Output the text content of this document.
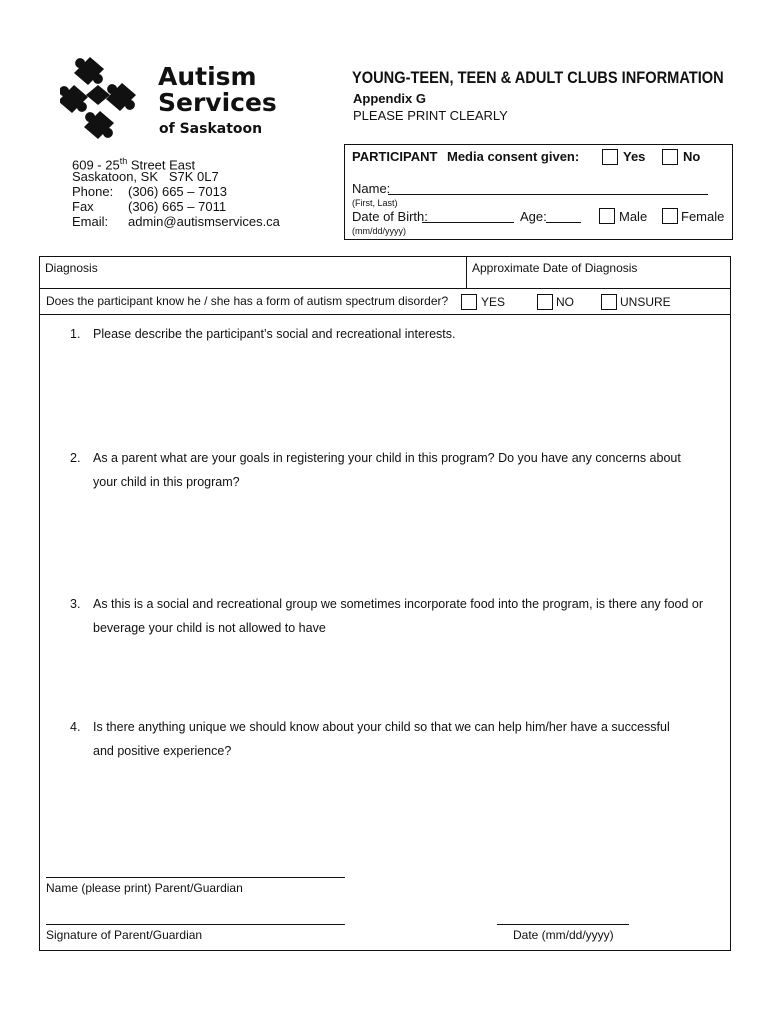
Autism
Services
of Saskatoon
609 - 25th Street East
Saskatoon, SK   S7K 0L7
Phone: (306) 665 – 7013
Fax	(306) 665 – 7011
Email: admin@autismservices.ca
YOUNG-TEEN, TEEN & ADULT CLUBS INFORMATION
Appendix G
PLEASE PRINT CLEARLY
PARTICIPANT Media consent given:	Yes	No
Name:
(First, Last)
Date of Birth:
(mm/dd/yyyy)
Age:	Male	Female
Diagnosis	Approximate Date of Diagnosis
Does the participant know he / she has a form of autism spectrum disorder?	YES	NO	UNSURE
1. Please describe the participant’s social and recreational interests.
2. As a parent what are your goals in registering your child in this program? Do you have any concerns about your child in this program?
3. As this is a social and recreational group we sometimes incorporate food into the program, is there any food or beverage your child is not allowed to have
4. Is there anything unique we should know about your child so that we can help him/her have a successful and positive experience?
Name (please print) Parent/Guardian
Signature of Parent/Guardian	Date (mm/dd/yyyy)
